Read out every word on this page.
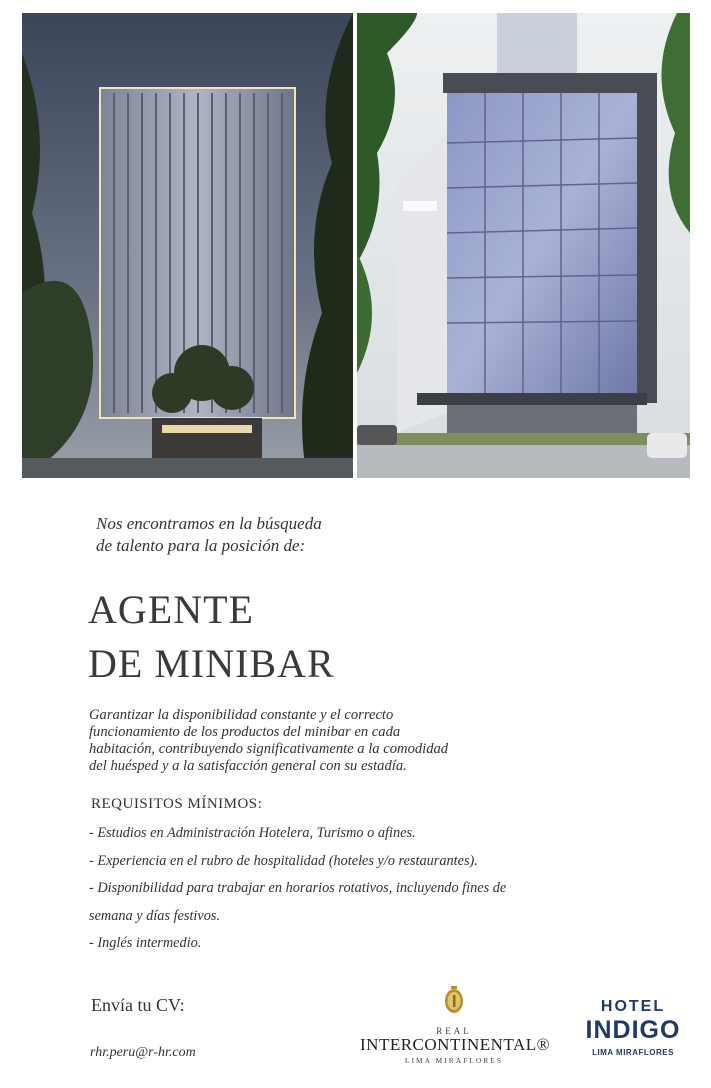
Nos encontramos en la búsqueda
de talento para la posición de:
AGENTE
DE MINIBAR
Garantizar la disponibilidad constante y el correcto
funcionamiento de los productos del minibar en cada
habitación, contribuyendo significativamente a la comodidad
del huésped y a la satisfacción general con su estadía.
REQUISITOS MÍNIMOS:
- Estudios en Administración Hotelera, Turismo o afines.
- Experiencia en el rubro de hospitalidad (hoteles y/o restaurantes).
- Disponibilidad para trabajar en horarios rotativos, incluyendo fines de
semana y días festivos.
- Inglés intermedio.
Envía tu CV:
rhr.peru@r-hr.com
REAL
INTERCONTINENTAL®
LIMA MIRAFLORES
HOTEL
INDIGO
LIMA MIRAFLORES
